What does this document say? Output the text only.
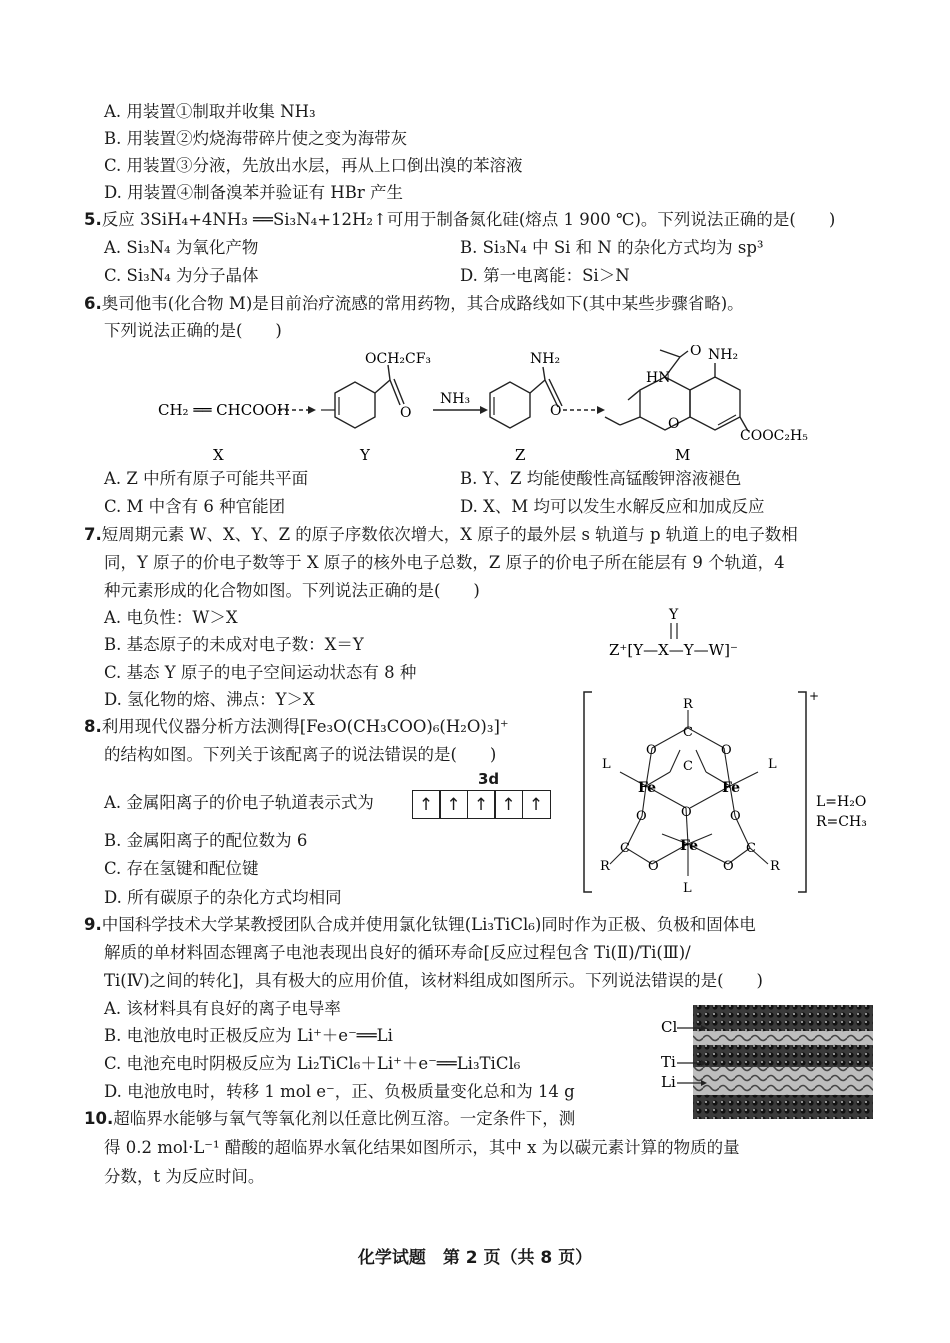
A. 用装置①制取并收集 NH₃
B. 用装置②灼烧海带碎片使之变为海带灰
C. 用装置③分液，先放出水层，再从上口倒出溴的苯溶液
D. 用装置④制备溴苯并验证有 HBr 产生
5.反应 3SiH₄+4NH₃ ══Si₃N₄+12H₂↑可用于制备氮化硅(熔点 1 900 ℃)。下列说法正确的是(　　)
A. Si₃N₄ 为氧化产物	B. Si₃N₄ 中 Si 和 N 的杂化方式均为 sp³
C. Si₃N₄ 为分子晶体	D. 第一电离能：Si＞N
6.奥司他韦(化合物 M)是目前治疗流感的常用药物，其合成路线如下(其中某些步骤省略)。
下列说法正确的是(　　)
CH₂ ══ CHCOOH
OCH₂CF₃
O
NH₃
NH₂
O
O NH₂
HN
O
COOC₂H₅
X	Y	Z	M
A. Z 中所有原子可能共平面	B. Y、Z 均能使酸性高锰酸钾溶液褪色
C. M 中含有 6 种官能团	D. X、M 均可以发生水解反应和加成反应
7.短周期元素 W、X、Y、Z 的原子序数依次增大，X 原子的最外层 s 轨道与 p 轨道上的电子数相
同，Y 原子的价电子数等于 X 原子的核外电子总数，Z 原子的价电子所在能层有 9 个轨道，4
种元素形成的化合物如图。下列说法正确的是(　　)
A. 电负性：W＞X
B. 基态原子的未成对电子数：X＝Y
C. 基态 Y 原子的电子空间运动状态有 8 种
D. 氢化物的熔、沸点：Y＞X
Y
Z⁺[Y—X—Y—W]⁻
8.利用现代仪器分析方法测得[Fe₃O(CH₃COO)₆(H₂O)₃]⁺
的结构如图。下列关于该配离子的说法错误的是(　　)
A. 金属阳离子的价电子轨道表示式为
3d
↑ ↑ ↑ ↑ ↑
B. 金属阳离子的配位数为 6
C. 存在氢键和配位键
D. 所有碳原子的杂化方式均相同
+
R
C
O	O
C
Fe	Fe
O
L	L
O	O
C	C
R	R
O	O
Fe
L
L=H₂O
R=CH₃
9.中国科学技术大学某教授团队合成并使用氯化钛锂(Li₃TiCl₆)同时作为正极、负极和固体电
解质的单材料固态锂离子电池表现出良好的循环寿命[反应过程包含 Ti(Ⅱ)/Ti(Ⅲ)/
Ti(Ⅳ)之间的转化]，具有极大的应用价值，该材料组成如图所示。下列说法错误的是(　　)
A. 该材料具有良好的离子电导率
B. 电池放电时正极反应为 Li⁺＋e⁻══Li
C. 电池充电时阴极反应为 Li₂TiCl₆＋Li⁺＋e⁻══Li₃TiCl₆
D. 电池放电时，转移 1 mol e⁻，正、负极质量变化总和为 14 g
Cl
Ti
Li
10.超临界水能够与氧气等氧化剂以任意比例互溶。一定条件下，测
得 0.2 mol·L⁻¹ 醋酸的超临界水氧化结果如图所示，其中 x 为以碳元素计算的物质的量
分数，t 为反应时间。
化学试题　第 2 页（共 8 页）
